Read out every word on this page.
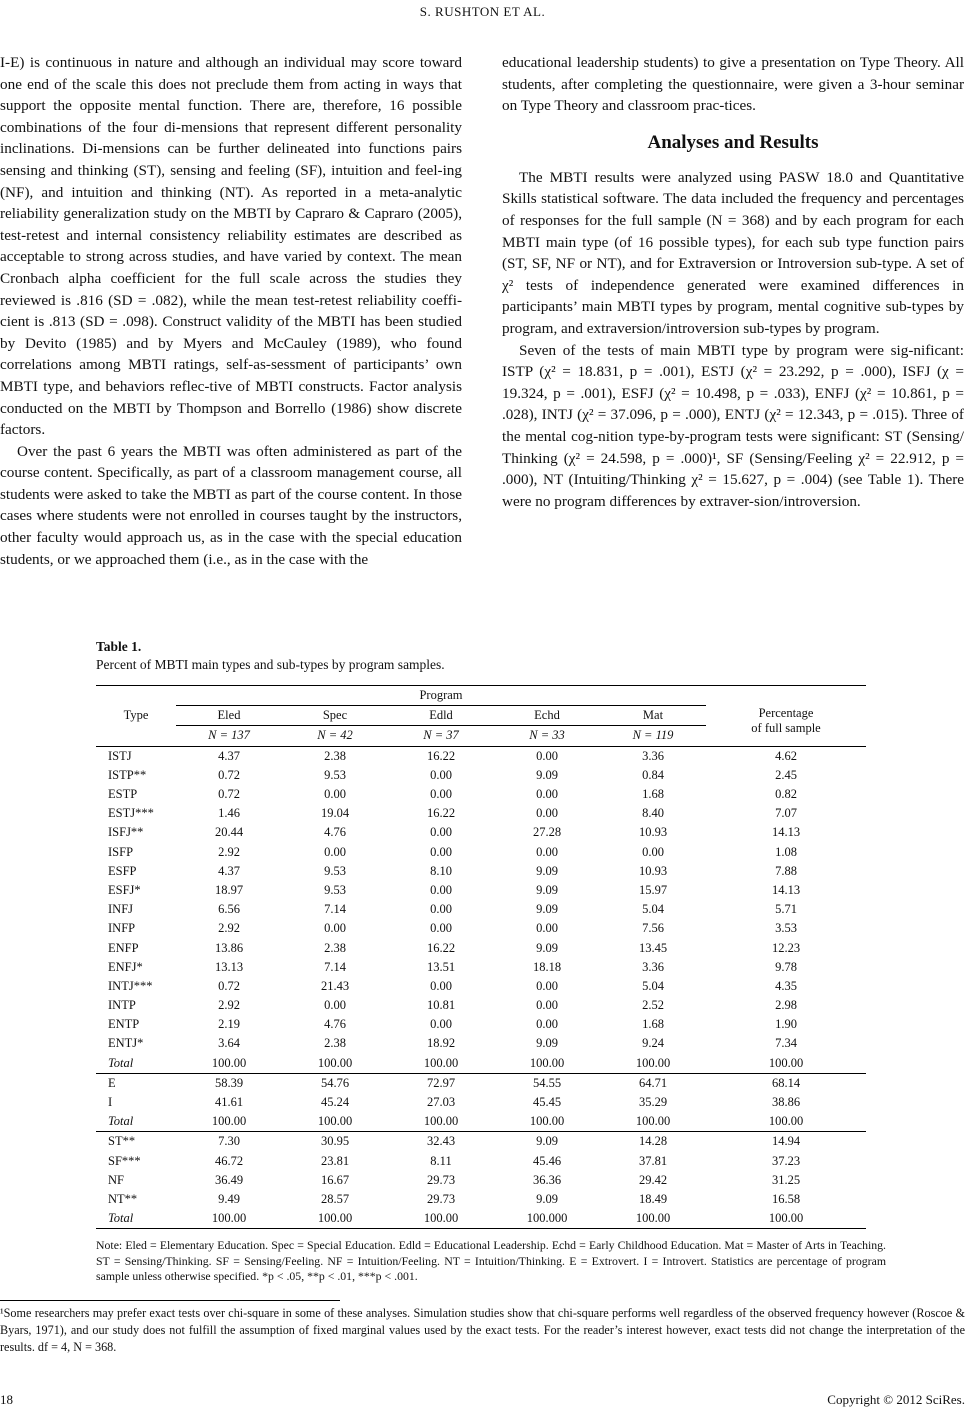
S. RUSHTON ET AL.

I-E) is continuous in nature and although an individual may score toward one end of the scale this does not preclude them from acting in ways that support the opposite mental function. There are, therefore, 16 possible combinations of the four di-mensions that represent different personality inclinations. Di-mensions can be further delineated into functions pairs sensing and thinking (ST), sensing and feeling (SF), intuition and feel-ing (NF), and intuition and thinking (NT). As reported in a meta-analytic reliability generalization study on the MBTI by Capraro & Capraro (2005), test-retest and internal consistency reliability estimates are described as acceptable to strong across studies, and have varied by context. The mean Cronbach alpha coefficient for the full scale across the studies they reviewed is .816 (SD = .082), while the mean test-retest reliability coeffi-cient is .813 (SD = .098). Construct validity of the MBTI has been studied by Devito (1985) and by Myers and McCauley (1989), who found correlations among MBTI ratings, self-as-sessment of participants’ own MBTI type, and behaviors reflec-tive of MBTI constructs. Factor analysis conducted on the MBTI by Thompson and Borrello (1986) show discrete factors.

Over the past 6 years the MBTI was often administered as part of the course content. Specifically, as part of a classroom management course, all students were asked to take the MBTI as part of the course content. In those cases where students were not enrolled in courses taught by the instructors, other faculty would approach us, as in the case with the special education students, or we approached them (i.e., as in the case with the

educational leadership students) to give a presentation on Type Theory. All students, after completing the questionnaire, were given a 3-hour seminar on Type Theory and classroom prac-tices.

Analyses and Results

The MBTI results were analyzed using PASW 18.0 and Quantitative Skills statistical software. The data included the frequency and percentages of responses for the full sample (N = 368) and by each program for each MBTI main type (of 16 possible types), for each sub type function pairs (ST, SF, NF or NT), and for Extraversion or Introversion sub-type. A set of χ² tests of independence generated were examined differences in participants’ main MBTI types by program, mental cognitive sub-types by program, and extraversion/introversion sub-types by program.

Seven of the tests of main MBTI type by program were sig-nificant: ISTP (χ² = 18.831, p = .001), ESTJ (χ² = 23.292, p = .000), ISFJ (χ = 19.324, p = .001), ESFJ (χ² = 10.498, p = .033), ENFJ (χ² = 10.861, p = .028), INTJ (χ² = 37.096, p = .000), ENTJ (χ² = 12.343, p = .015). Three of the mental cog-nition type-by-program tests were significant: ST (Sensing/ Thinking (χ² = 24.598, p = .000)¹, SF (Sensing/Feeling χ² = 22.912, p = .000), NT (Intuiting/Thinking χ² = 15.627, p = .004) (see Table 1). There were no program differences by extraver-sion/introversion.

Table 1.
Percent of MBTI main types and sub-types by program samples.
Type	Program					
	Eled	Spec	Edld	Echd	Mat	Percentage
of full sample

	N = 137	N = 42	N = 37	N = 33	N = 119	
ISTJ	4.37	2.38	16.22	0.00	3.36	4.62
ISTP**	0.72	9.53	0.00	9.09	0.84	2.45
ESTP	0.72	0.00	0.00	0.00	1.68	0.82
ESTJ***	1.46	19.04	16.22	0.00	8.40	7.07
ISFJ**	20.44	4.76	0.00	27.28	10.93	14.13
ISFP	2.92	0.00	0.00	0.00	0.00	1.08
ESFP	4.37	9.53	8.10	9.09	10.93	7.88
ESFJ*	18.97	9.53	0.00	9.09	15.97	14.13
INFJ	6.56	7.14	0.00	9.09	5.04	5.71
INFP	2.92	0.00	0.00	0.00	7.56	3.53
ENFP	13.86	2.38	16.22	9.09	13.45	12.23
ENFJ*	13.13	7.14	13.51	18.18	3.36	9.78
INTJ***	0.72	21.43	0.00	0.00	5.04	4.35
INTP	2.92	0.00	10.81	0.00	2.52	2.98
ENTP	2.19	4.76	0.00	0.00	1.68	1.90
ENTJ*	3.64	2.38	18.92	9.09	9.24	7.34
Total	100.00	100.00	100.00	100.00	100.00	100.00
E	58.39	54.76	72.97	54.55	64.71	68.14
I	41.61	45.24	27.03	45.45	35.29	38.86
Total	100.00	100.00	100.00	100.00	100.00	100.00
ST**	7.30	30.95	32.43	9.09	14.28	14.94
SF***	46.72	23.81	8.11	45.46	37.81	37.23
NF	36.49	16.67	29.73	36.36	29.42	31.25
NT**	9.49	28.57	29.73	9.09	18.49	16.58
Total	100.00	100.00	100.00	100.000	100.00	100.00
Note: Eled = Elementary Education. Spec = Special Education. Edld = Educational Leadership. Echd = Early Childhood Education. Mat = Master of Arts in Teaching. ST = Sensing/Thinking. SF = Sensing/Feeling. NF = Intuition/Feeling. NT = Intuition/Thinking. E = Extrovert. I = Introvert. Statistics are percentage of program sample unless otherwise specified. *p < .05, **p < .01, ***p < .001.
¹Some researchers may prefer exact tests over chi-square in some of these analyses. Simulation studies show that chi-square performs well regardless of the observed frequency however (Roscoe & Byars, 1971), and our study does not fulfill the assumption of fixed marginal values used by the exact tests. For the reader’s interest however, exact tests did not change the interpretation of the results. df = 4, N = 368.
18	Copyright © 2012 SciRes.
